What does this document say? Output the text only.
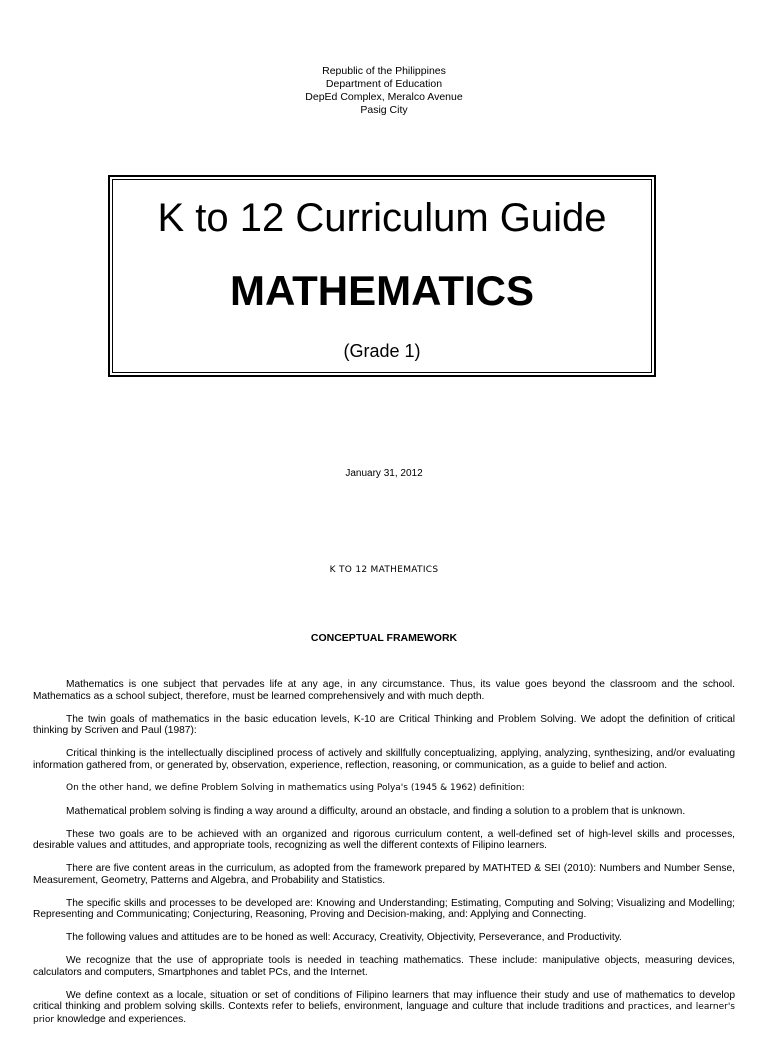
Republic of the Philippines
Department of Education
DepEd Complex, Meralco Avenue
Pasig City
K to 12 Curriculum Guide
MATHEMATICS
(Grade 1)
January 31, 2012
K TO 12 MATHEMATICS
CONCEPTUAL FRAMEWORK

Mathematics is one subject that pervades life at any age, in any circumstance. Thus, its value goes beyond the classroom and the school. Mathematics as a school subject, therefore, must be learned comprehensively and with much depth.

The twin goals of mathematics in the basic education levels, K-10 are Critical Thinking and Problem Solving. We adopt the definition of critical thinking by Scriven and Paul (1987):

Critical thinking is the intellectually disciplined process of actively and skillfully conceptualizing, applying, analyzing, synthesizing, and/or evaluating information gathered from, or generated by, observation, experience, reflection, reasoning, or communication, as a guide to belief and action.

On the other hand, we define Problem Solving in mathematics using Polya's (1945 & 1962) definition:

Mathematical problem solving is finding a way around a difficulty, around an obstacle, and finding a solution to a problem that is unknown.

These two goals are to be achieved with an organized and rigorous curriculum content, a well-defined set of high-level skills and processes, desirable values and attitudes, and appropriate tools, recognizing as well the different contexts of Filipino learners.

There are five content areas in the curriculum, as adopted from the framework prepared by MATHTED & SEI (2010): Numbers and Number Sense, Measurement, Geometry, Patterns and Algebra, and Probability and Statistics.

The specific skills and processes to be developed are: Knowing and Understanding; Estimating, Computing and Solving; Visualizing and Modelling; Representing and Communicating; Conjecturing, Reasoning, Proving and Decision-making, and: Applying and Connecting.

The following values and attitudes are to be honed as well: Accuracy, Creativity, Objectivity, Perseverance, and Productivity.

We recognize that the use of appropriate tools is needed in teaching mathematics. These include: manipulative objects, measuring devices, calculators and computers, Smartphones and tablet PCs, and the Internet.

We define context as a locale, situation or set of conditions of Filipino learners that may influence their study and use of mathematics to develop critical thinking and problem solving skills. Contexts refer to beliefs, environment, language and culture that include traditions and practices, and learner's prior knowledge and experiences.
